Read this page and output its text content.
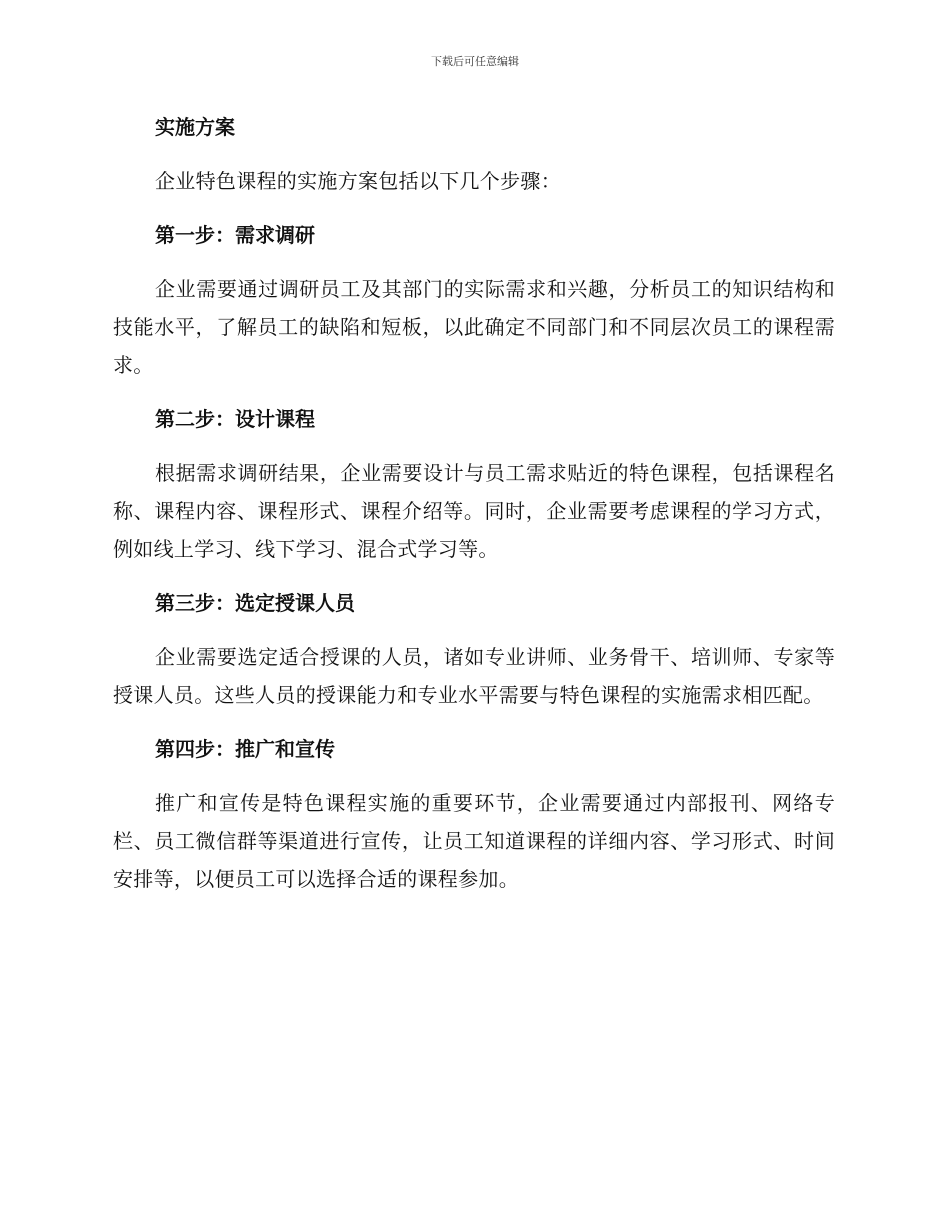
下载后可任意编辑
实施方案
企业特色课程的实施方案包括以下几个步骤：
第一步：需求调研
企业需要通过调研员工及其部门的实际需求和兴趣，分析员工的知识结构和技能水平，了解员工的缺陷和短板，以此确定不同部门和不同层次员工的课程需求。
第二步：设计课程
根据需求调研结果，企业需要设计与员工需求贴近的特色课程，包括课程名称、课程内容、课程形式、课程介绍等。同时，企业需要考虑课程的学习方式，例如线上学习、线下学习、混合式学习等。
第三步：选定授课人员
企业需要选定适合授课的人员，诸如专业讲师、业务骨干、培训师、专家等授课人员。这些人员的授课能力和专业水平需要与特色课程的实施需求相匹配。
第四步：推广和宣传
推广和宣传是特色课程实施的重要环节，企业需要通过内部报刊、网络专栏、员工微信群等渠道进行宣传，让员工知道课程的详细内容、学习形式、时间安排等，以便员工可以选择合适的课程参加。
